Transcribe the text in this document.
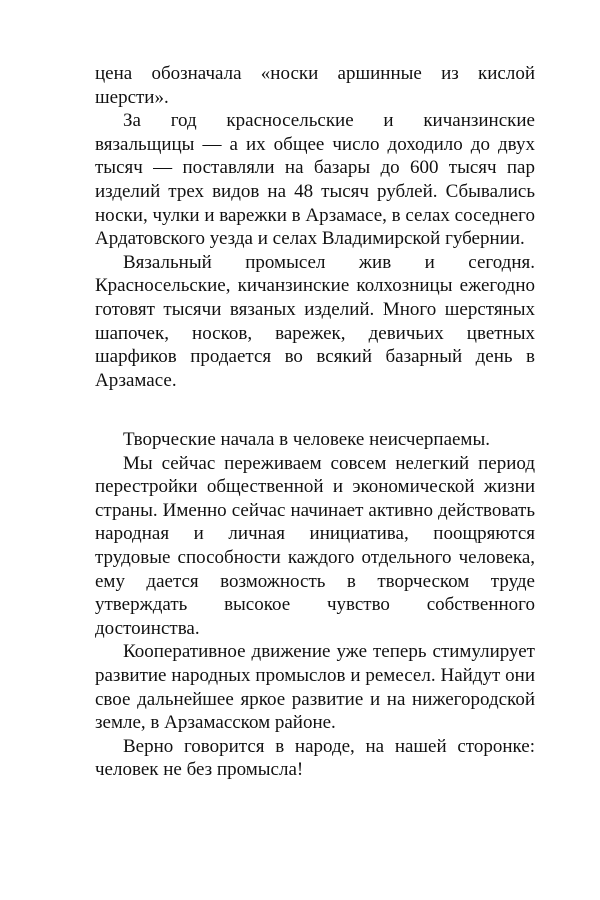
цена обозначала «носки аршинные из кислой шерсти».

За год красносельские и кичанзинские вязальщицы — а их общее число доходило до двух тысяч — поставляли на базары до 600 тысяч пар изделий трех видов на 48 тысяч рублей. Сбывались носки, чулки и варежки в Арзамасе, в селах соседнего Ардатовского уезда и селах Владимирской губернии.

Вязальный промысел жив и сегодня. Красносельские, кичанзинские колхозницы ежегодно готовят тысячи вязаных изделий. Много шерстяных шапочек, носков, варежек, девичьих цветных шарфиков продается во всякий базарный день в Арзамасе.

Творческие начала в человеке неисчерпаемы.

Мы сейчас переживаем совсем нелегкий период перестройки общественной и экономической жизни страны. Именно сейчас начинает активно действовать народная и личная инициатива, поощряются трудовые способности каждого отдельного человека, ему дается возможность в творческом труде утверждать высокое чувство собственного достоинства.

Кооперативное движение уже теперь стимулирует развитие народных промыслов и ремесел. Найдут они свое дальнейшее яркое развитие и на нижегородской земле, в Арзамасском районе.

Верно говорится в народе, на нашей сторонке: человек не без промысла!
